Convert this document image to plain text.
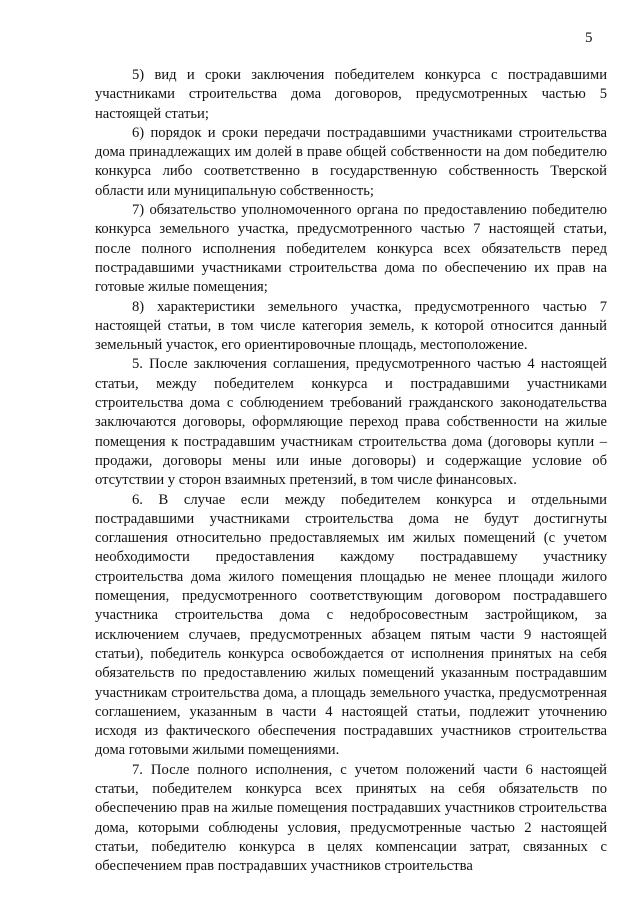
5

5) вид и сроки заключения победителем конкурса с пострадавшими участниками строительства дома договоров, предусмотренных частью 5 настоящей статьи;

6) порядок и сроки передачи пострадавшими участниками строительства дома принадлежащих им долей в праве общей собственности на дом победителю конкурса либо соответственно в государственную собственность Тверской области или муниципальную собственность;

7) обязательство уполномоченного органа по предоставлению победителю конкурса земельного участка, предусмотренного частью 7 настоящей статьи, после полного исполнения победителем конкурса всех обязательств перед пострадавшими участниками строительства дома по обеспечению их прав на готовые жилые помещения;

8) характеристики земельного участка, предусмотренного частью 7 настоящей статьи, в том числе категория земель, к которой относится данный земельный участок, его ориентировочные площадь, местоположение.

5. После заключения соглашения, предусмотренного частью 4 настоящей статьи, между победителем конкурса и пострадавшими участниками строительства дома с соблюдением требований гражданского законодательства заключаются договоры, оформляющие переход права собственности на жилые помещения к пострадавшим участникам строительства дома (договоры купли – продажи, договоры мены или иные договоры) и содержащие условие об отсутствии у сторон взаимных претензий, в том числе финансовых.

6. В случае если между победителем конкурса и отдельными пострадавшими участниками строительства дома не будут достигнуты соглашения относительно предоставляемых им жилых помещений (с учетом необходимости предоставления каждому пострадавшему участнику строительства дома жилого помещения площадью не менее площади жилого помещения, предусмотренного соответствующим договором пострадавшего участника строительства дома с недобросовестным застройщиком, за исключением случаев, предусмотренных абзацем пятым части 9 настоящей статьи), победитель конкурса освобождается от исполнения принятых на себя обязательств по предоставлению жилых помещений указанным пострадавшим участникам строительства дома, а площадь земельного участка, предусмотренная соглашением, указанным в части 4 настоящей статьи, подлежит уточнению исходя из фактического обеспечения пострадавших участников строительства дома готовыми жилыми помещениями.

7. После полного исполнения, с учетом положений части 6 настоящей статьи, победителем конкурса всех принятых на себя обязательств по обеспечению прав на жилые помещения пострадавших участников строительства дома, которыми соблюдены условия, предусмотренные частью 2 настоящей статьи, победителю конкурса в целях компенсации затрат, связанных с обеспечением прав пострадавших участников строительства
